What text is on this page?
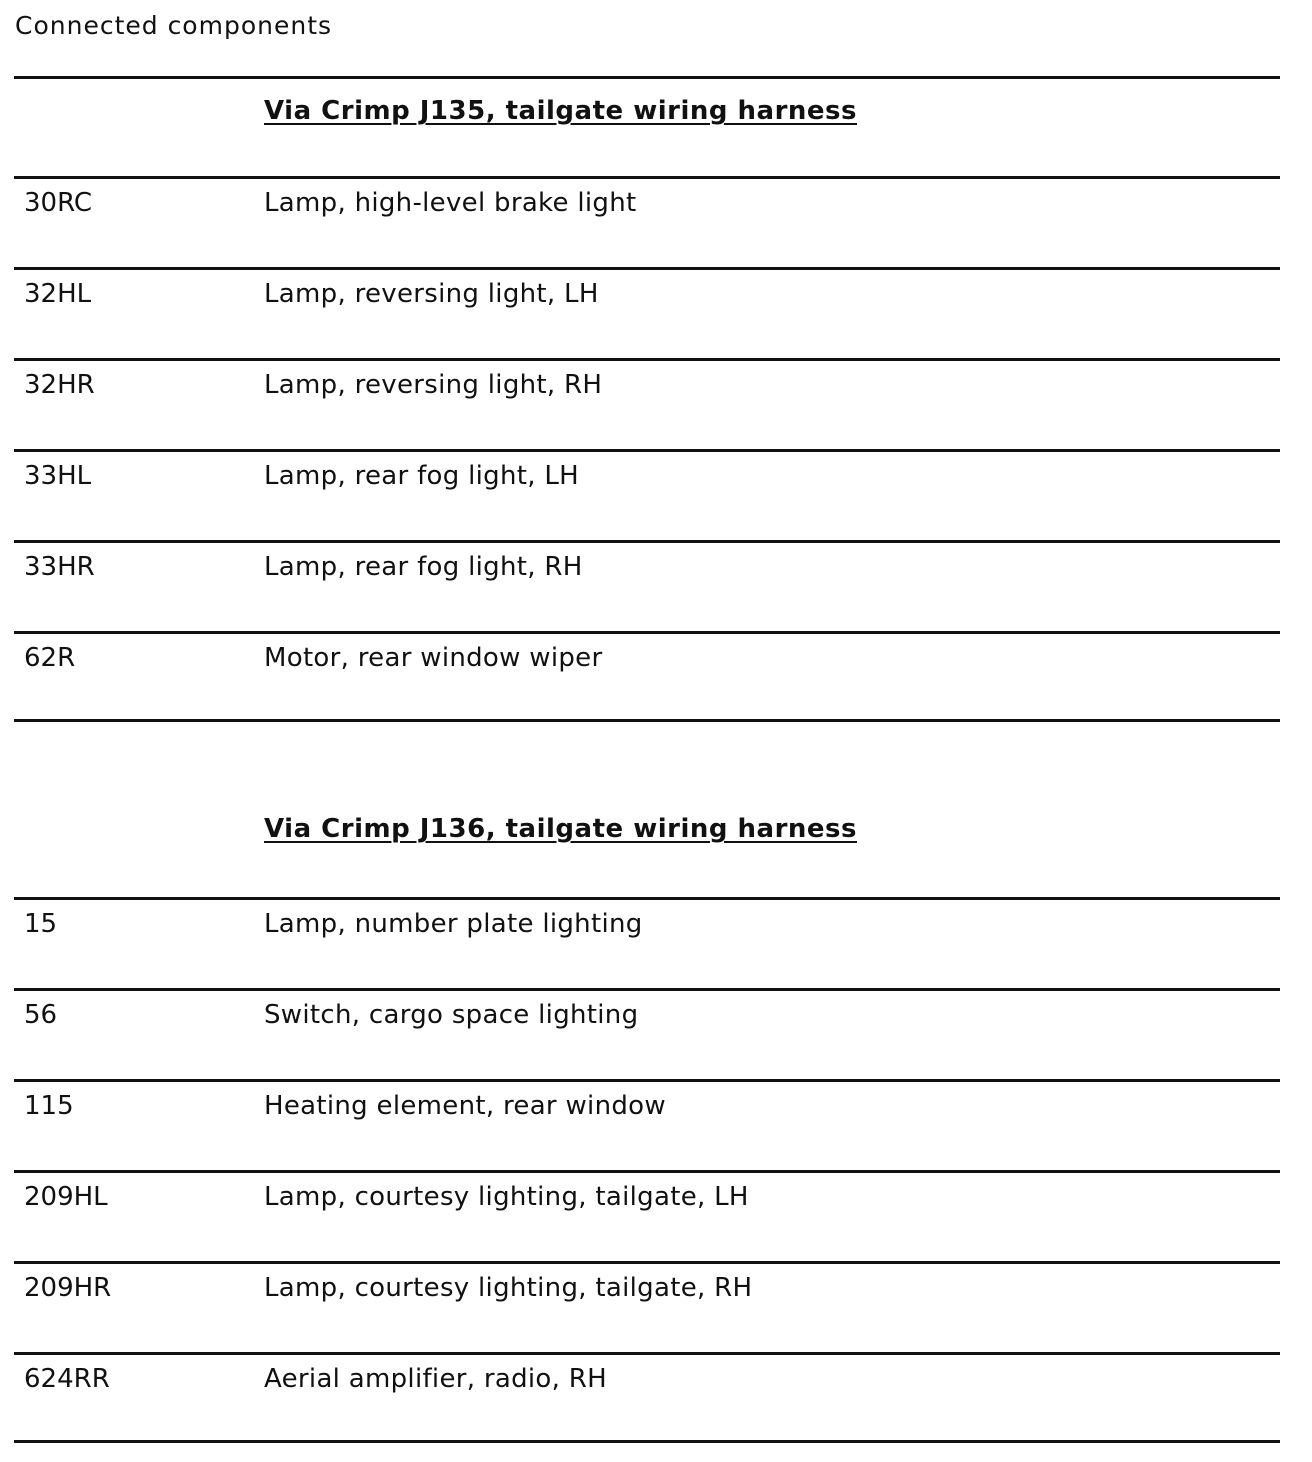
Connected components
Via Crimp J135, tailgate wiring harness
30RC	Lamp, high-level brake light
32HL	Lamp, reversing light, LH
32HR	Lamp, reversing light, RH
33HL	Lamp, rear fog light, LH
33HR	Lamp, rear fog light, RH
62R	Motor, rear window wiper
Via Crimp J136, tailgate wiring harness
15	Lamp, number plate lighting
56	Switch, cargo space lighting
115	Heating element, rear window
209HL	Lamp, courtesy lighting, tailgate, LH
209HR	Lamp, courtesy lighting, tailgate, RH
624RR	Aerial amplifier, radio, RH
